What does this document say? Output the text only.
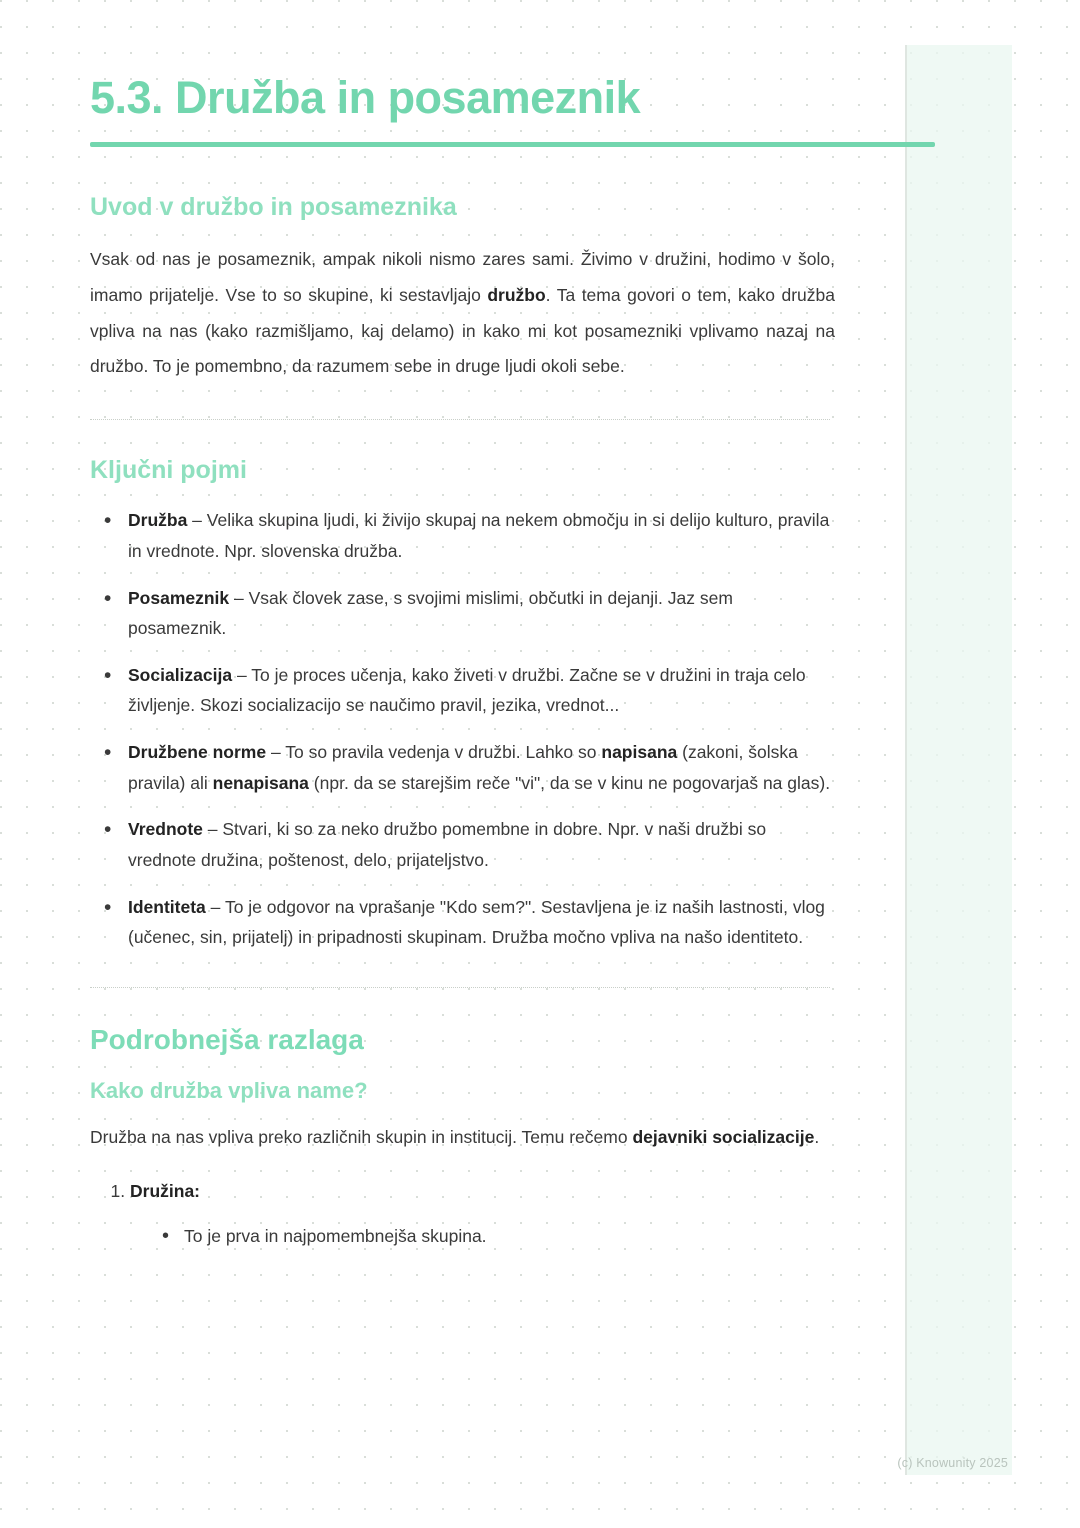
5.3. Družba in posameznik
Uvod v družbo in posameznika

Vsak od nas je posameznik, ampak nikoli nismo zares sami. Živimo v družini, hodimo v šolo, imamo prijatelje. Vse to so skupine, ki sestavljajo družbo. Ta tema govori o tem, kako družba vpliva na nas (kako razmišljamo, kaj delamo) in kako mi kot posamezniki vplivamo nazaj na družbo. To je pomembno, da razumem sebe in druge ljudi okoli sebe.

Ključni pojmi
• Družba – Velika skupina ljudi, ki živijo skupaj na nekem območju in si delijo kulturo, pravila in vrednote. Npr. slovenska družba.
• Posameznik – Vsak človek zase, s svojimi mislimi, občutki in dejanji. Jaz sem posameznik.
• Socializacija – To je proces učenja, kako živeti v družbi. Začne se v družini in traja celo življenje. Skozi socializacijo se naučimo pravil, jezika, vrednot...
• Družbene norme – To so pravila vedenja v družbi. Lahko so napisana (zakoni, šolska pravila) ali nenapisana (npr. da se starejšim reče "vi", da se v kinu ne pogovarjaš na glas).
• Vrednote – Stvari, ki so za neko družbo pomembne in dobre. Npr. v naši družbi so vrednote družina, poštenost, delo, prijateljstvo.
• Identiteta – To je odgovor na vprašanje "Kdo sem?". Sestavljena je iz naših lastnosti, vlog (učenec, sin, prijatelj) in pripadnosti skupinam. Družba močno vpliva na našo identiteto.
Podrobnejša razlaga
Kako družba vpliva name?

Družba na nas vpliva preko različnih skupin in institucij. Temu rečemo dejavniki socializacije.

1. Družina:
• To je prva in najpomembnejša skupina.
(c) Knowunity 2025
